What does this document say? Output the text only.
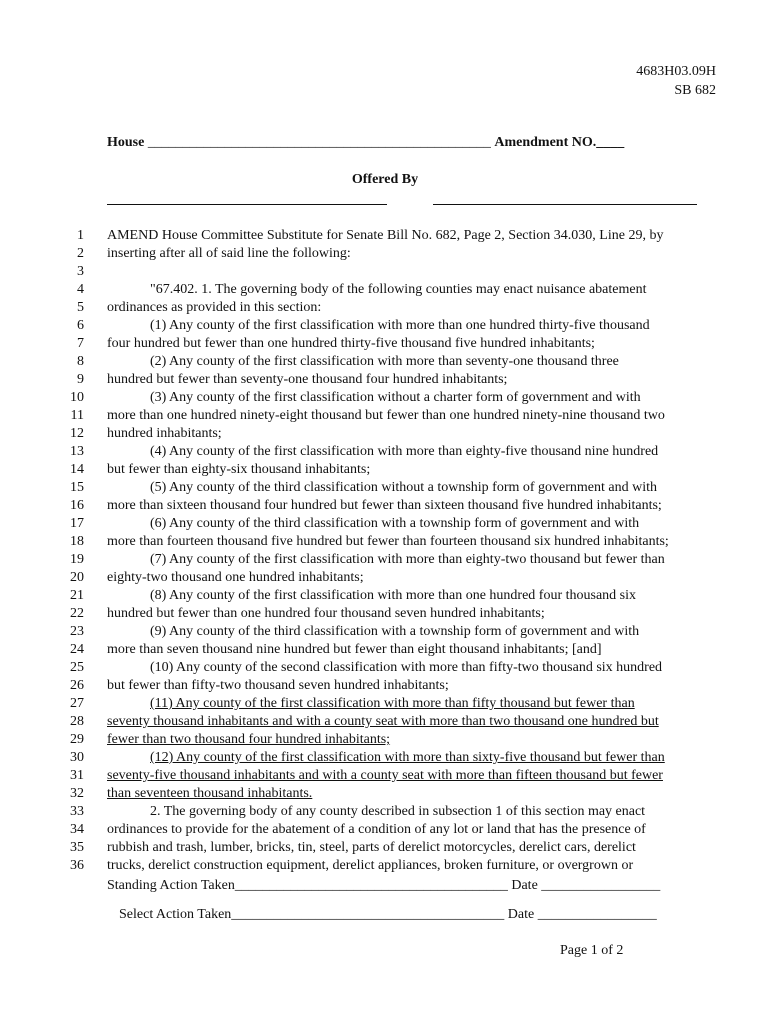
4683H03.09H
SB 682
House _________________________________________________ Amendment NO.____
Offered By
1 AMEND House Committee Substitute for Senate Bill No. 682, Page 2, Section 34.030, Line 29, by
2 inserting after all of said line the following:
3
4	"67.402. 1. The governing body of the following counties may enact nuisance abatement
5 ordinances as provided in this section:
6	(1) Any county of the first classification with more than one hundred thirty-five thousand
7 four hundred but fewer than one hundred thirty-five thousand five hundred inhabitants;
8	(2) Any county of the first classification with more than seventy-one thousand three
9 hundred but fewer than seventy-one thousand four hundred inhabitants;
10	(3) Any county of the first classification without a charter form of government and with
11 more than one hundred ninety-eight thousand but fewer than one hundred ninety-nine thousand two
12 hundred inhabitants;
13	(4) Any county of the first classification with more than eighty-five thousand nine hundred
14 but fewer than eighty-six thousand inhabitants;
15	(5) Any county of the third classification without a township form of government and with
16 more than sixteen thousand four hundred but fewer than sixteen thousand five hundred inhabitants;
17	(6) Any county of the third classification with a township form of government and with
18 more than fourteen thousand five hundred but fewer than fourteen thousand six hundred inhabitants;
19	(7) Any county of the first classification with more than eighty-two thousand but fewer than
20 eighty-two thousand one hundred inhabitants;
21	(8) Any county of the first classification with more than one hundred four thousand six
22 hundred but fewer than one hundred four thousand seven hundred inhabitants;
23	(9) Any county of the third classification with a township form of government and with
24 more than seven thousand nine hundred but fewer than eight thousand inhabitants; [and]
25	(10) Any county of the second classification with more than fifty-two thousand six hundred
26 but fewer than fifty-two thousand seven hundred inhabitants;
27	(11) Any county of the first classification with more than fifty thousand but fewer than
28 seventy thousand inhabitants and with a county seat with more than two thousand one hundred but
29 fewer than two thousand four hundred inhabitants;
30	(12) Any county of the first classification with more than sixty-five thousand but fewer than
31 seventy-five thousand inhabitants and with a county seat with more than fifteen thousand but fewer
32 than seventeen thousand inhabitants.
33	2. The governing body of any county described in subsection 1 of this section may enact
34 ordinances to provide for the abatement of a condition of any lot or land that has the presence of
35 rubbish and trash, lumber, bricks, tin, steel, parts of derelict motorcycles, derelict cars, derelict
36 trucks, derelict construction equipment, derelict appliances, broken furniture, or overgrown or
Standing Action Taken_______________________________________ Date _________________
Select Action Taken_______________________________________ Date _________________
Page 1 of 2
